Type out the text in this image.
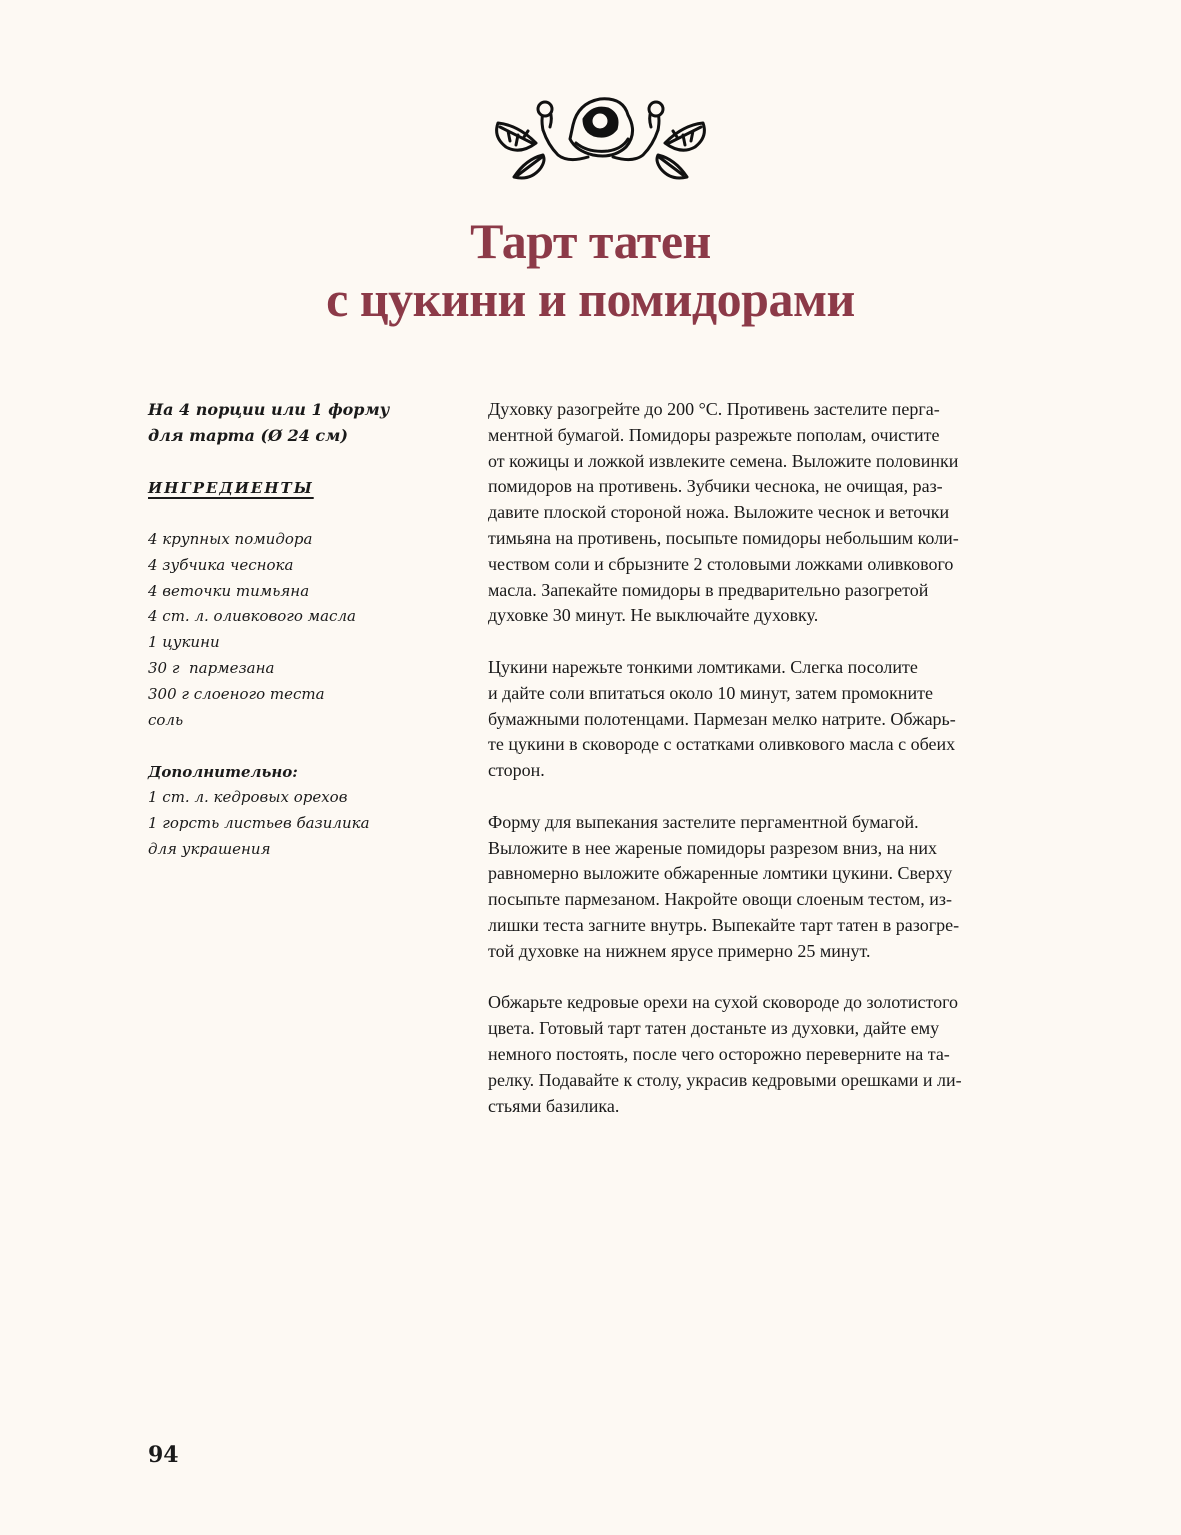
Тарт татен
с цукини и помидорами

На 4 порции или 1 форму
для тарта (Ø 24 см)

ИНГРЕДИЕНТЫ
4 крупных помидора
4 зубчика чеснока
4 веточки тимьяна
4 ст. л. оливкового масла
1 цукини
30 г  пармезана
300 г слоеного теста
соль
Дополнительно:
1 ст. л. кедровых орехов
1 горсть листьев базилика
для украшения

Духовку разогрейте до 200 °C. Противень застелите перга-
ментной бумагой. Помидоры разрежьте пополам, очистите
от кожицы и ложкой извлеките семена. Выложите половинки
помидоров на противень. Зубчики чеснока, не очищая, раз-
давите плоской стороной ножа. Выложите чеснок и веточки
тимьяна на противень, посыпьте помидоры небольшим коли-
чеством соли и сбрызните 2 столовыми ложками оливкового
масла. Запекайте помидоры в предварительно разогретой
духовке 30 минут. Не выключайте духовку.

Цукини нарежьте тонкими ломтиками. Слегка посолите
и дайте соли впитаться около 10 минут, затем промокните
бумажными полотенцами. Пармезан мелко натрите. Обжарь-
те цукини в сковороде с остатками оливкового масла с обеих
сторон.

Форму для выпекания застелите пергаментной бумагой.
Выложите в нее жареные помидоры разрезом вниз, на них
равномерно выложите обжаренные ломтики цукини. Сверху
посыпьте пармезаном. Накройте овощи слоеным тестом, из-
лишки теста загните внутрь. Выпекайте тарт татен в разогре-
той духовке на нижнем ярусе примерно 25 минут.

Обжарьте кедровые орехи на сухой сковороде до золотистого
цвета. Готовый тарт татен достаньте из духовки, дайте ему
немного постоять, после чего осторожно переверните на та-
релку. Подавайте к столу, украсив кедровыми орешками и ли-
стьями базилика.

94
